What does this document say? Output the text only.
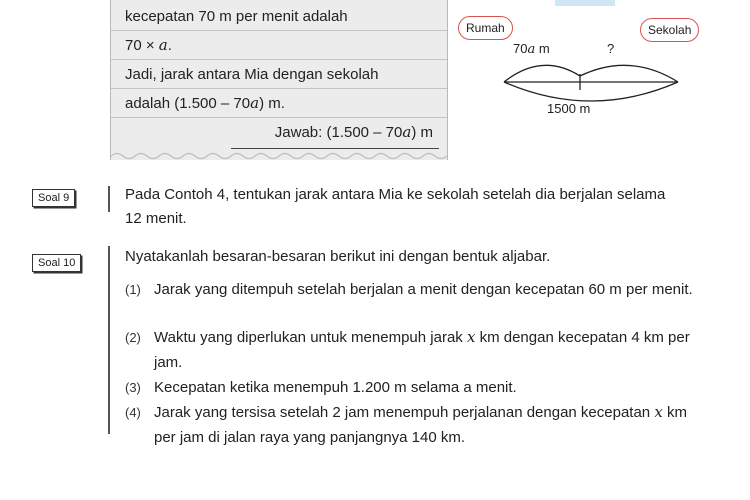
kecepatan 70 m per menit adalah
70 × a.
Jadi, jarak antara Mia dengan sekolah
adalah (1.500 – 70a) m.
Jawab: (1.500 – 70a) m
Rumah	Sekolah
70a m	?
1500 m
Soal 9	Pada Contoh 4, tentukan jarak antara Mia ke sekolah setelah dia berjalan selama 12 menit.
Soal 10	Nyatakanlah besaran-besaran berikut ini dengan bentuk aljabar.
(1) Jarak yang ditempuh setelah berjalan a menit dengan kecepatan 60 m per menit.
(2) Waktu yang diperlukan untuk menempuh jarak x km dengan kecepatan 4 km per jam.
(3) Kecepatan ketika menempuh 1.200 m selama a menit.
(4) Jarak yang tersisa setelah 2 jam menempuh perjalanan dengan kecepatan x km per jam di jalan raya yang panjangnya 140 km.
